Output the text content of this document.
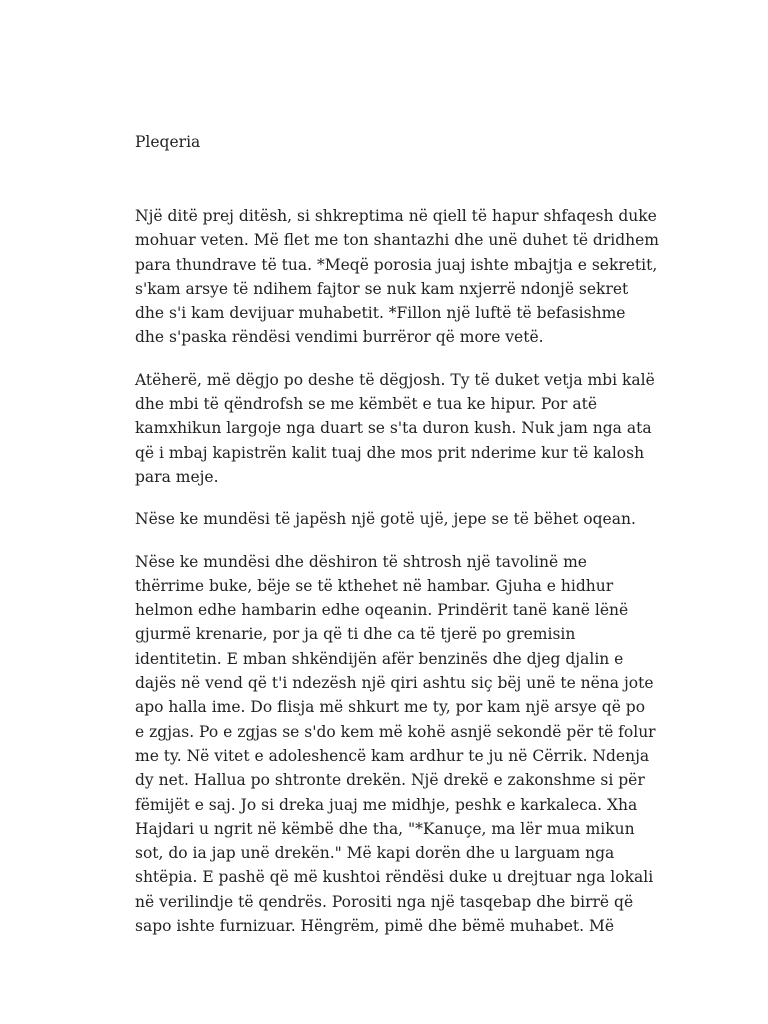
Pleqeria

Një ditë prej ditësh, si shkreptima në qiell të hapur shfaqesh duke
mohuar veten. Më flet me ton shantazhi dhe unë duhet të dridhem
para thundrave të tua. *Meqë porosia juaj ishte mbajtja e sekretit,
s'kam arsye të ndihem fajtor se nuk kam nxjerrë ndonjë sekret
dhe s'i kam devijuar muhabetit. *Fillon një luftë të befasishme
dhe s'paska rëndësi vendimi burrëror që more vetë.

Atëherë, më dëgjo po deshe të dëgjosh. Ty të duket vetja mbi kalë
dhe mbi të qëndrofsh se me këmbët e tua ke hipur. Por atë
kamxhikun largoje nga duart se s'ta duron kush. Nuk jam nga ata
që i mbaj kapistrën kalit tuaj dhe mos prit nderime kur të kalosh
para meje.

Nëse ke mundësi të japësh një gotë ujë, jepe se të bëhet oqean.

Nëse ke mundësi dhe dëshiron të shtrosh një tavolinë me
thërrime buke, bëje se të kthehet në hambar. Gjuha e hidhur
helmon edhe hambarin edhe oqeanin. Prindërit tanë kanë lënë
gjurmë krenarie, por ja që ti dhe ca të tjerë po gremisin
identitetin. E mban shkëndijën afër benzinës dhe djeg djalin e
dajës në vend që t'i ndezësh një qiri ashtu siç bëj unë te nëna jote
apo halla ime. Do flisja më shkurt me ty, por kam një arsye që po
e zgjas. Po e zgjas se s'do kem më kohë asnjë sekondë për të folur
me ty. Në vitet e adoleshencë kam ardhur te ju në Cërrik. Ndenja
dy net. Hallua po shtronte drekën. Një drekë e zakonshme si për
fëmijët e saj. Jo si dreka juaj me midhje, peshk e karkaleca. Xha
Hajdari u ngrit në këmbë dhe tha, "*Kanuçe, ma lër mua mikun
sot, do ia jap unë drekën." Më kapi dorën dhe u larguam nga
shtëpia. E pashë që më kushtoi rëndësi duke u drejtuar nga lokali
në verilindje të qendrës. Porositi nga një tasqebap dhe birrë që
sapo ishte furnizuar. Hëngrëm, pimë dhe bëmë muhabet. Më
